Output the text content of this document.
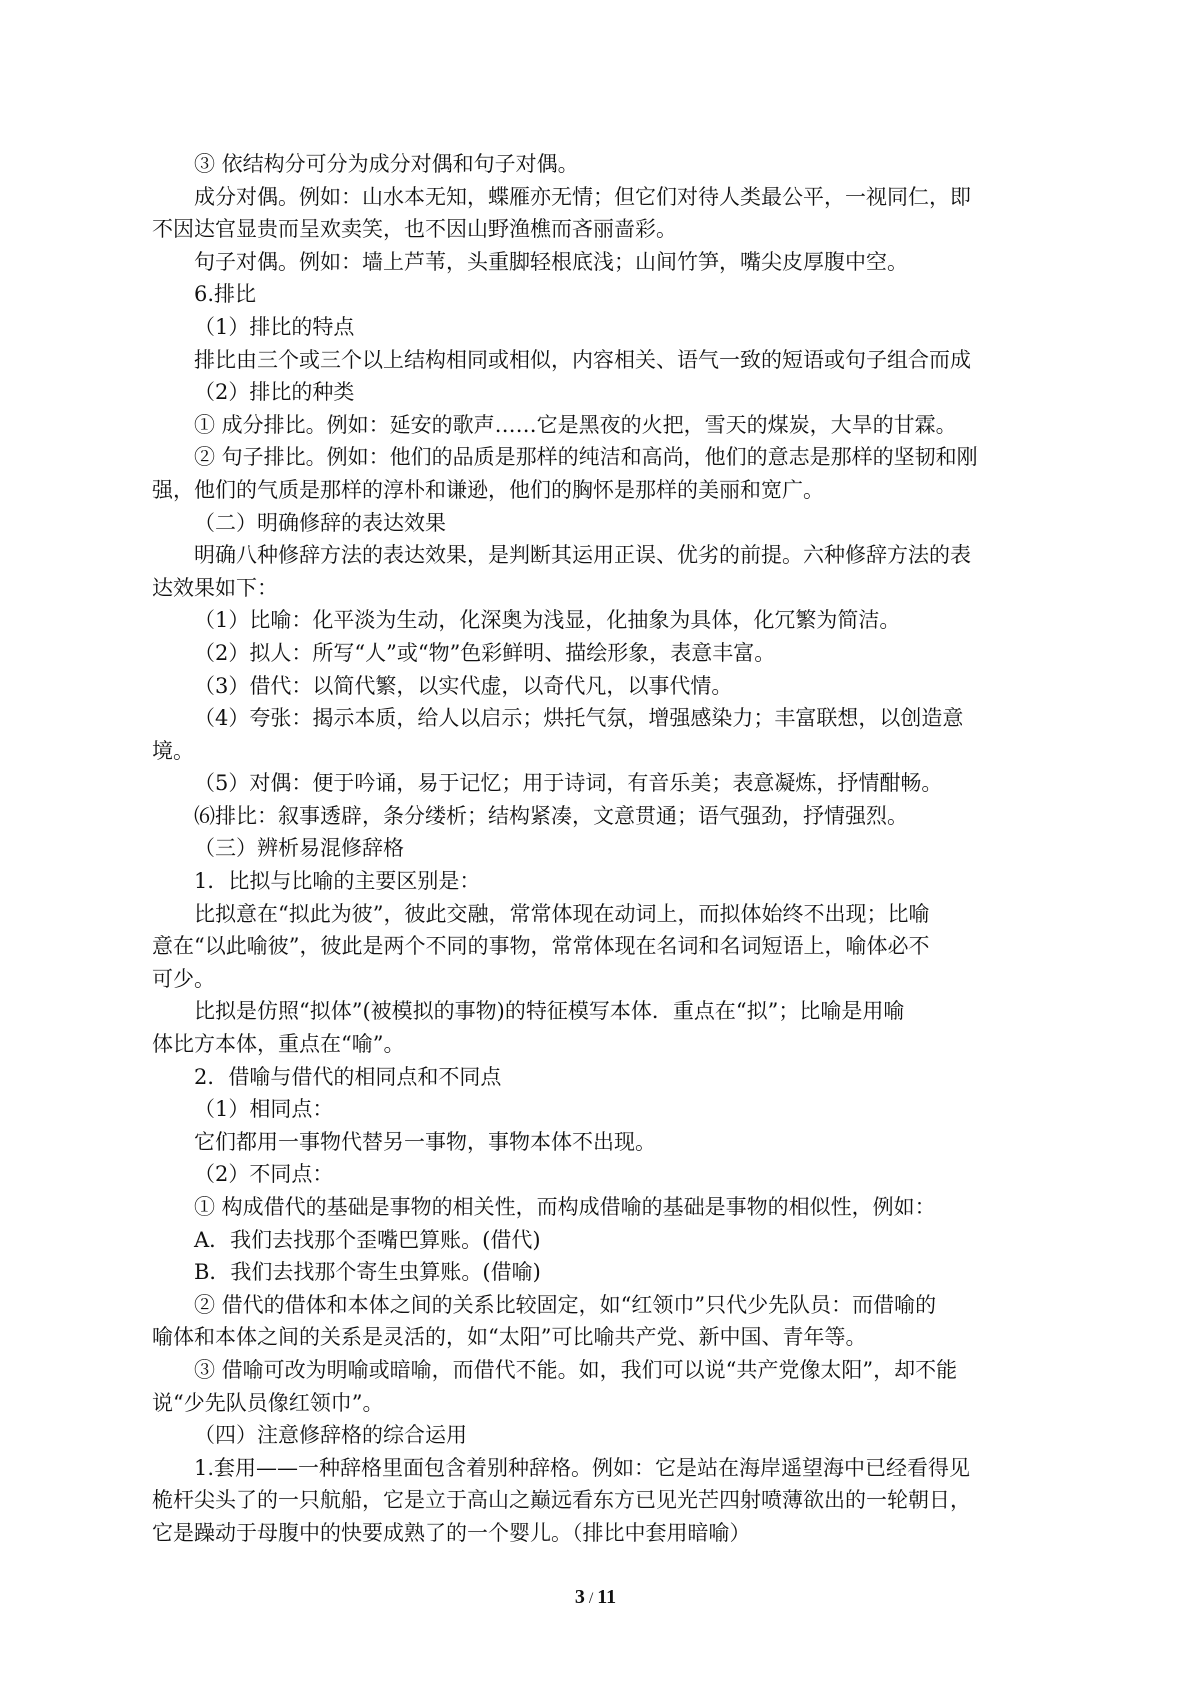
③ 依结构分可分为成分对偶和句子对偶。
成分对偶。例如：山水本无知，蝶雁亦无情；但它们对待人类最公平，一视同仁，即
不因达官显贵而呈欢卖笑，也不因山野渔樵而吝丽啬彩。
句子对偶。例如：墙上芦苇，头重脚轻根底浅；山间竹笋，嘴尖皮厚腹中空。
6.排比
（1）排比的特点
排比由三个或三个以上结构相同或相似，内容相关、语气一致的短语或句子组合而成
（2）排比的种类
① 成分排比。例如：延安的歌声……它是黑夜的火把，雪天的煤炭，大旱的甘霖。
② 句子排比。例如：他们的品质是那样的纯洁和高尚，他们的意志是那样的坚韧和刚
强，他们的气质是那样的淳朴和谦逊，他们的胸怀是那样的美丽和宽广。
（二）明确修辞的表达效果
明确八种修辞方法的表达效果，是判断其运用正误、优劣的前提。六种修辞方法的表
达效果如下：
（1）比喻：化平淡为生动，化深奥为浅显，化抽象为具体，化冗繁为简洁。
（2）拟人：所写“人”或“物”色彩鲜明、描绘形象，表意丰富。
（3）借代：以简代繁，以实代虚，以奇代凡，以事代情。
（4）夸张：揭示本质，给人以启示；烘托气氛，增强感染力；丰富联想，以创造意
境。
（5）对偶：便于吟诵，易于记忆；用于诗词，有音乐美；表意凝炼，抒情酣畅。
⑹排比：叙事透辟，条分缕析；结构紧凑，文意贯通；语气强劲，抒情强烈。
（三）辨析易混修辞格
1．比拟与比喻的主要区别是：
比拟意在“拟此为彼”，彼此交融，常常体现在动词上，而拟体始终不出现；比喻
意在“以此喻彼”，彼此是两个不同的事物，常常体现在名词和名词短语上，喻体必不
可少。
比拟是仿照“拟体”(被模拟的事物)的特征模写本体．重点在“拟”；比喻是用喻
体比方本体，重点在“喻”。
2．借喻与借代的相同点和不同点
（1）相同点：
它们都用一事物代替另一事物，事物本体不出现。
（2）不同点：
① 构成借代的基础是事物的相关性，而构成借喻的基础是事物的相似性，例如：
A．我们去找那个歪嘴巴算账。(借代)
B．我们去找那个寄生虫算账。(借喻)
② 借代的借体和本体之间的关系比较固定，如“红领巾”只代少先队员：而借喻的
喻体和本体之间的关系是灵活的，如“太阳”可比喻共产党、新中国、青年等。
③ 借喻可改为明喻或暗喻，而借代不能。如，我们可以说“共产党像太阳”，却不能
说“少先队员像红领巾”。
（四）注意修辞格的综合运用
1.套用——一种辞格里面包含着别种辞格。例如：它是站在海岸遥望海中已经看得见
桅杆尖头了的一只航船，它是立于高山之巅远看东方已见光芒四射喷薄欲出的一轮朝日，
它是躁动于母腹中的快要成熟了的一个婴儿。（排比中套用暗喻）
3 / 11
